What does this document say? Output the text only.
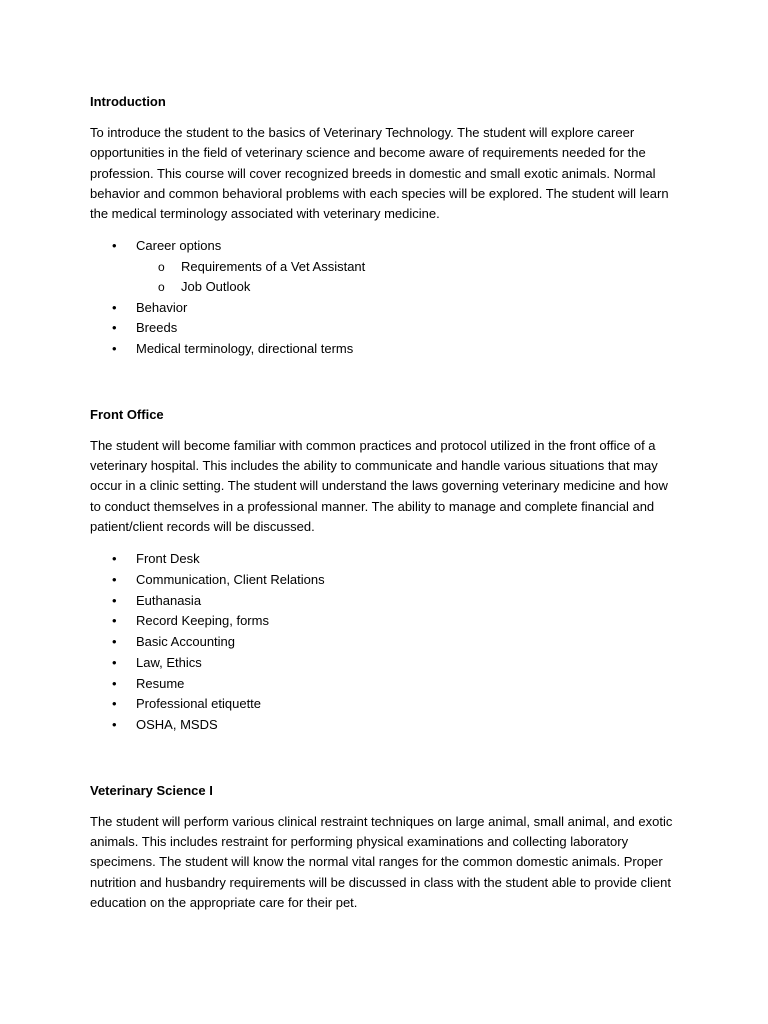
Introduction
To introduce the student to the basics of Veterinary Technology. The student will explore career opportunities in the field of veterinary science and become aware of requirements needed for the profession. This course will cover recognized breeds in domestic and small exotic animals. Normal behavior and common behavioral problems with each species will be explored. The student will learn the medical terminology associated with veterinary medicine.
• Career options
o Requirements of a Vet Assistant
o Job Outlook
• Behavior
• Breeds
• Medical terminology, directional terms
Front Office
The student will become familiar with common practices and protocol utilized in the front office of a veterinary hospital. This includes the ability to communicate and handle various situations that may occur in a clinic setting. The student will understand the laws governing veterinary medicine and how to conduct themselves in a professional manner. The ability to manage and complete financial and patient/client records will be discussed.
• Front Desk
• Communication, Client Relations
• Euthanasia
• Record Keeping, forms
• Basic Accounting
• Law, Ethics
• Resume
• Professional etiquette
• OSHA, MSDS
Veterinary Science I
The student will perform various clinical restraint techniques on large animal, small animal, and exotic animals. This includes restraint for performing physical examinations and collecting laboratory specimens. The student will know the normal vital ranges for the common domestic animals. Proper nutrition and husbandry requirements will be discussed in class with the student able to provide client education on the appropriate care for their pet.
